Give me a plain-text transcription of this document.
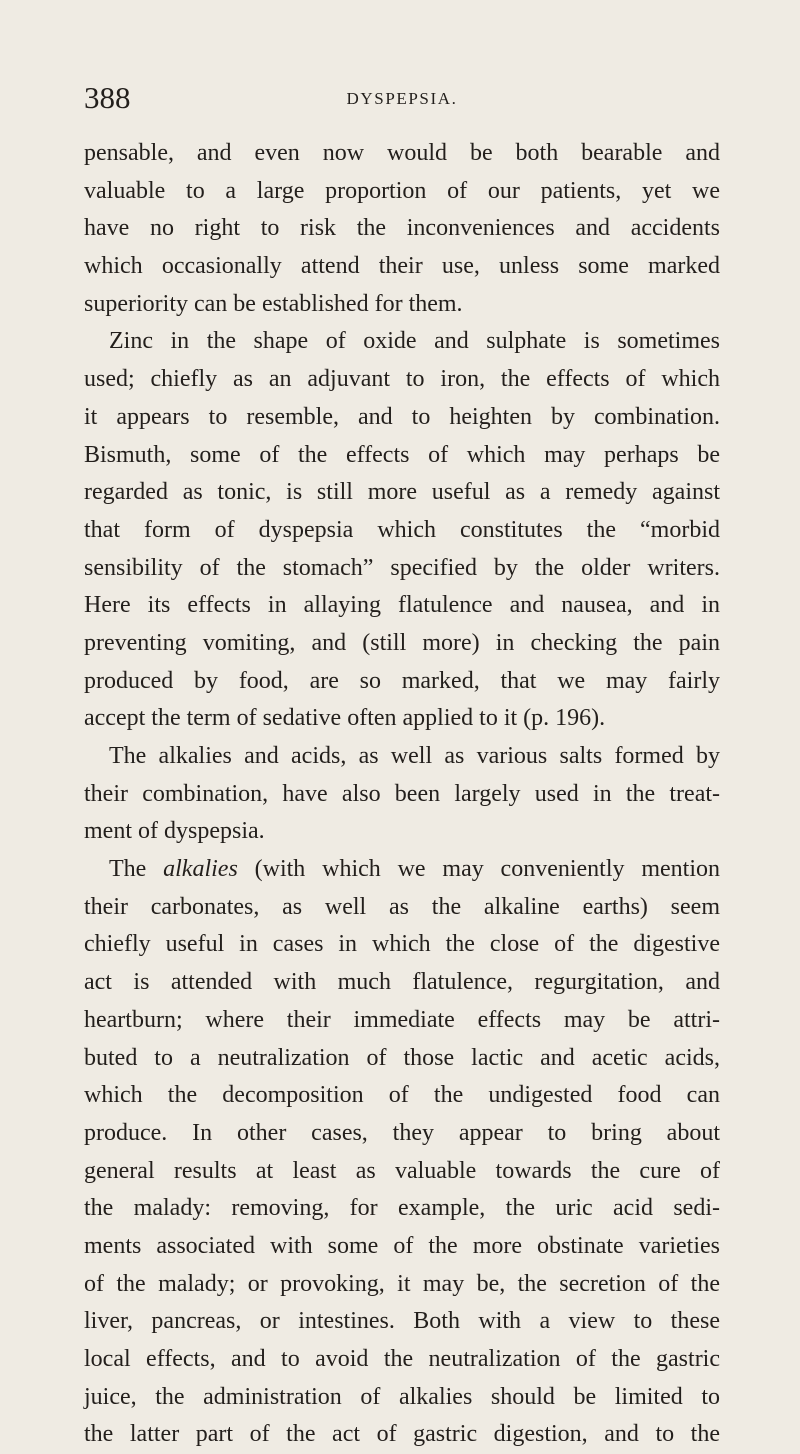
388	DYSPEPSIA.
pensable, and even now would be both bearable and
valuable to a large proportion of our patients, yet we
have no right to risk the inconveniences and accidents
which occasionally attend their use, unless some marked
superiority can be established for them.
Zinc in the shape of oxide and sulphate is sometimes
used; chiefly as an adjuvant to iron, the effects of which
it appears to resemble, and to heighten by combination.
Bismuth, some of the effects of which may perhaps be
regarded as tonic, is still more useful as a remedy against
that form of dyspepsia which constitutes the “morbid
sensibility of the stomach” specified by the older writers.
Here its effects in allaying flatulence and nausea, and in
preventing vomiting, and (still more) in checking the pain
produced by food, are so marked, that we may fairly
accept the term of sedative often applied to it (p. 196).
The alkalies and acids, as well as various salts formed by
their combination, have also been largely used in the treat-
ment of dyspepsia.
The alkalies (with which we may conveniently mention
their carbonates, as well as the alkaline earths) seem
chiefly useful in cases in which the close of the digestive
act is attended with much flatulence, regurgitation, and
heartburn; where their immediate effects may be attri-
buted to a neutralization of those lactic and acetic acids,
which the decomposition of the undigested food can
produce. In other cases, they appear to bring about
general results at least as valuable towards the cure of
the malady: removing, for example, the uric acid sedi-
ments associated with some of the more obstinate varieties
of the malady; or provoking, it may be, the secretion of the
liver, pancreas, or intestines. Both with a view to these
local effects, and to avoid the neutralization of the gastric
juice, the administration of alkalies should be limited to
the latter part of the act of gastric digestion, and to the
